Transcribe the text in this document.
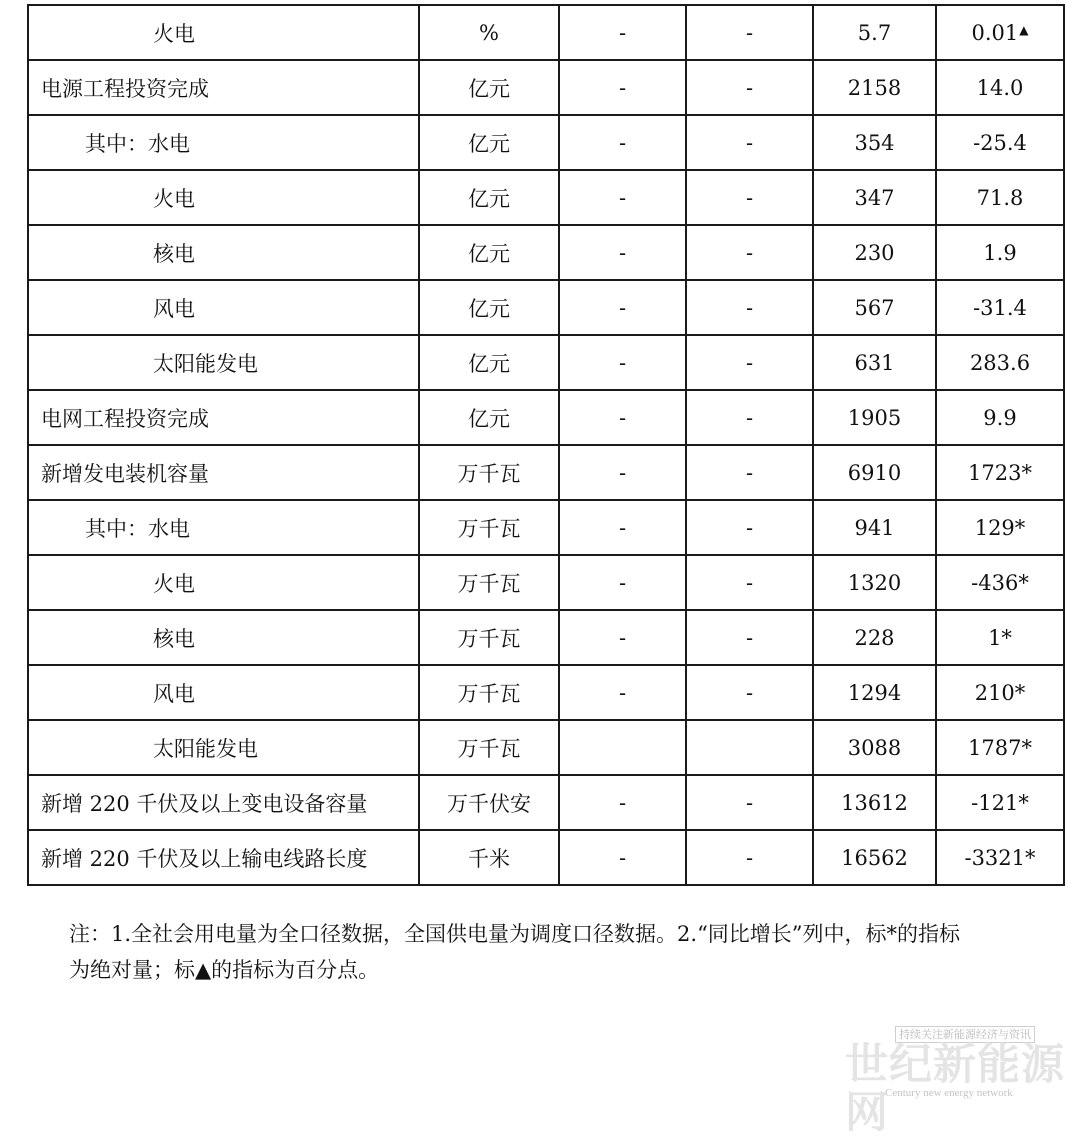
火电	%	-	-	5.7	0.01▲
电源工程投资完成	亿元	-	-	2158	14.0
其中：水电	亿元	-	-	354	-25.4
火电	亿元	-	-	347	71.8
核电	亿元	-	-	230	1.9
风电	亿元	-	-	567	-31.4
太阳能发电	亿元	-	-	631	283.6
电网工程投资完成	亿元	-	-	1905	9.9
新增发电装机容量	万千瓦	-	-	6910	1723*
其中：水电	万千瓦	-	-	941	129*
火电	万千瓦	-	-	1320	-436*
核电	万千瓦	-	-	228	1*
风电	万千瓦	-	-	1294	210*
太阳能发电	万千瓦			3088	1787*
新增 220 千伏及以上变电设备容量	万千伏安	-	-	13612	-121*
新增 220 千伏及以上输电线路长度	千米	-	-	16562	-3321*

注：1.全社会用电量为全口径数据，全国供电量为调度口径数据。2.“同比增长”列中，标*的指标

为绝对量；标▲的指标为百分点。

持续关注新能源经济与资讯
世纪新能源网
Century new energy network
